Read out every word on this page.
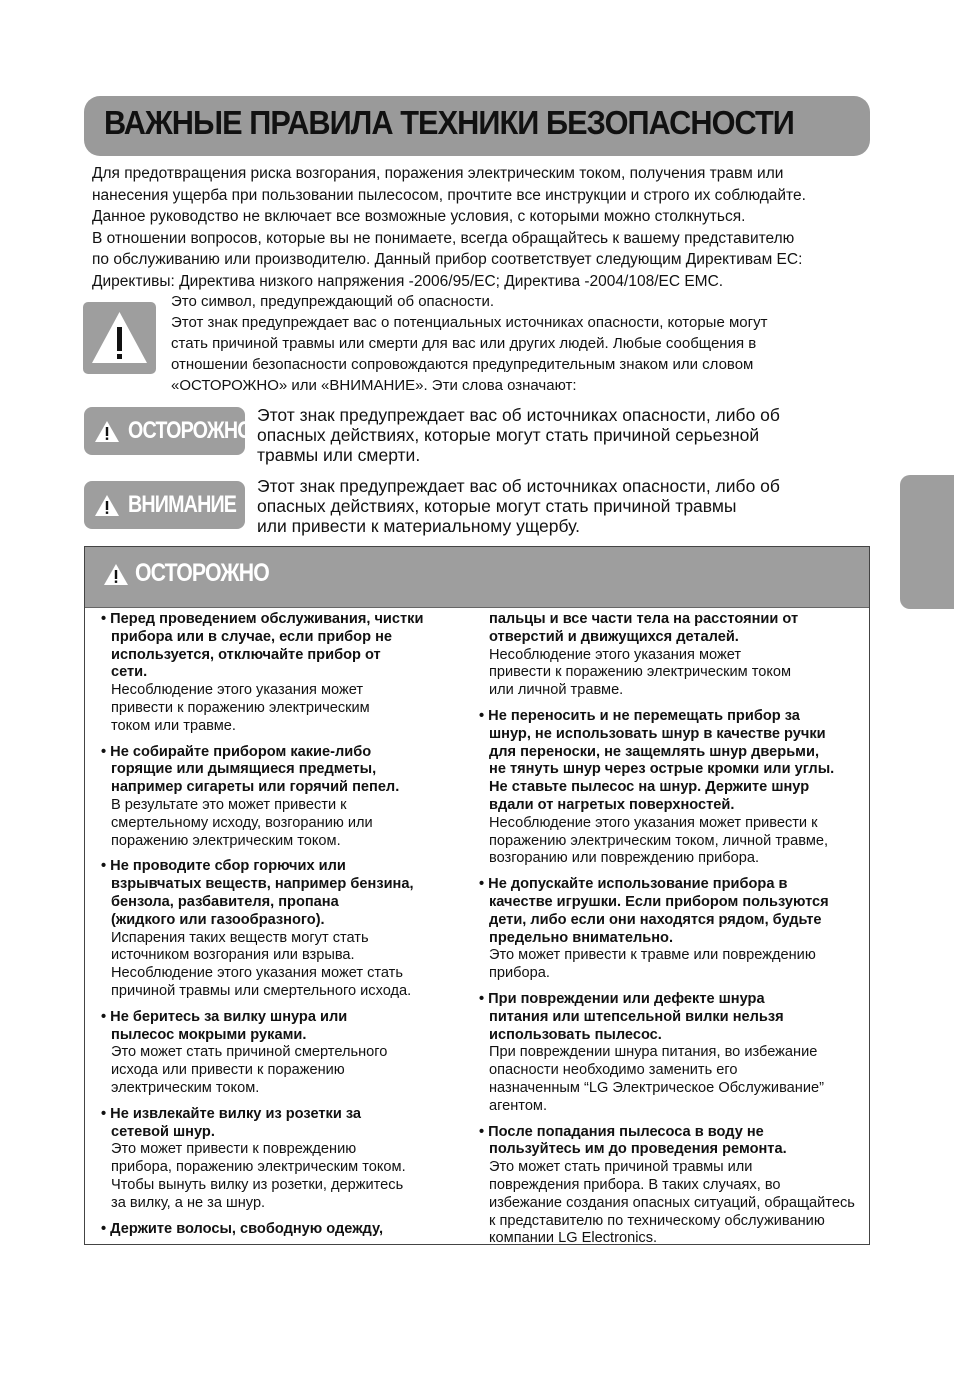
ВАЖНЫЕ ПРАВИЛА ТЕХНИКИ БЕЗОПАСНОСТИ

Для предотвращения риска возгорания, поражения электрическим током, получения травм или

нанесения ущерба при пользовании пылесосом, прочтите все инструкции и строго их соблюдайте.

Данное руководство не включает все возможные условия, с которыми можно столкнуться.

В отношении вопросов, которые вы не понимаете, всегда обращайтесь к вашему представителю

по обслуживанию или производителю. Данный прибор соответствует следующим Директивам ЕС:

Директивы: Директива низкого напряжения -2006/95/EC; Директива -2004/108/EC EMC.

Это символ, предупреждающий об опасности.

Этот знак предупреждает вас о потенциальных источниках опасности, которые могут

стать причиной травмы или смерти для вас или других людей. Любые сообщения в

отношении безопасности сопровождаются предупредительным знаком или словом

«ОСТОРОЖНО» или «ВНИМАНИЕ». Эти слова означают:

ОСТОРОЖНО

Этот знак предупреждает вас об источниках опасности, либо об

опасных действиях, которые могут стать причиной серьезной

травмы или смерти.

ВНИМАНИЕ

Этот знак предупреждает вас об источниках опасности, либо об

опасных действиях, которые могут стать причиной травмы

или привести к материальному ущербу.

ОСТОРОЖНО

• Перед проведением обслуживания, чистки

прибора или в случае, если прибор не

используется, отключайте прибор от

сети.

Несоблюдение этого указания может

привести к поражению электрическим

током или травме.

• Не собирайте прибором какие-либо

горящие или дымящиеся предметы,

например сигареты или горячий пепел.

В результате это может привести к

смертельному исходу, возгоранию или

поражению электрическим током.

• Не проводите сбор горючих или

взрывчатых веществ, например бензина,

бензола, разбавителя, пропана

(жидкого или газообразного).

Испарения таких веществ могут стать

источником возгорания или взрыва.

Несоблюдение этого указания может стать

причиной травмы или смертельного исхода.

• Не беритесь за вилку шнура или

пылесос мокрыми руками.

Это может стать причиной смертельного

исхода или привести к поражению

электрическим током.

• Не извлекайте вилку из розетки за

сетевой шнур.

Это может привести к повреждению

прибора, поражению электрическим током.

Чтобы вынуть вилку из розетки, держитесь

за вилку, а не за шнур.

• Держите волосы, свободную одежду,

пальцы и все части тела на расстоянии от

отверстий и движущихся деталей.

Несоблюдение этого указания может

привести к поражению электрическим током

или личной травме.

• Не переносить и не перемещать прибор за

шнур, не использовать шнур в качестве ручки

для переноски, не защемлять шнур дверьми,

не тянуть шнур через острые кромки или углы.

Не ставьте пылесос на шнур. Держите шнур

вдали от нагретых поверхностей.

Несоблюдение этого указания может привести к

поражению электрическим током, личной травме,

возгоранию или повреждению прибора.

• Не допускайте использование прибора в

качестве игрушки. Если прибором пользуются

дети, либо если они находятся рядом, будьте

предельно внимательно.

Это может привести к травме или повреждению

прибора.

• При повреждении или дефекте шнура

питания или штепсельной вилки нельзя

использовать пылесос.

При повреждении шнура питания, во избежание

опасности необходимо заменить его

назначенным “LG Электрическое Обслуживание”

агентом.

• После попадания пылесоса в воду не

пользуйтесь им до проведения ремонта.

Это может стать причиной травмы или

повреждения прибора. В таких случаях, во

избежание создания опасных ситуаций, обращайтесь

к представителю по техническому обслуживанию

компании LG Electronics.
